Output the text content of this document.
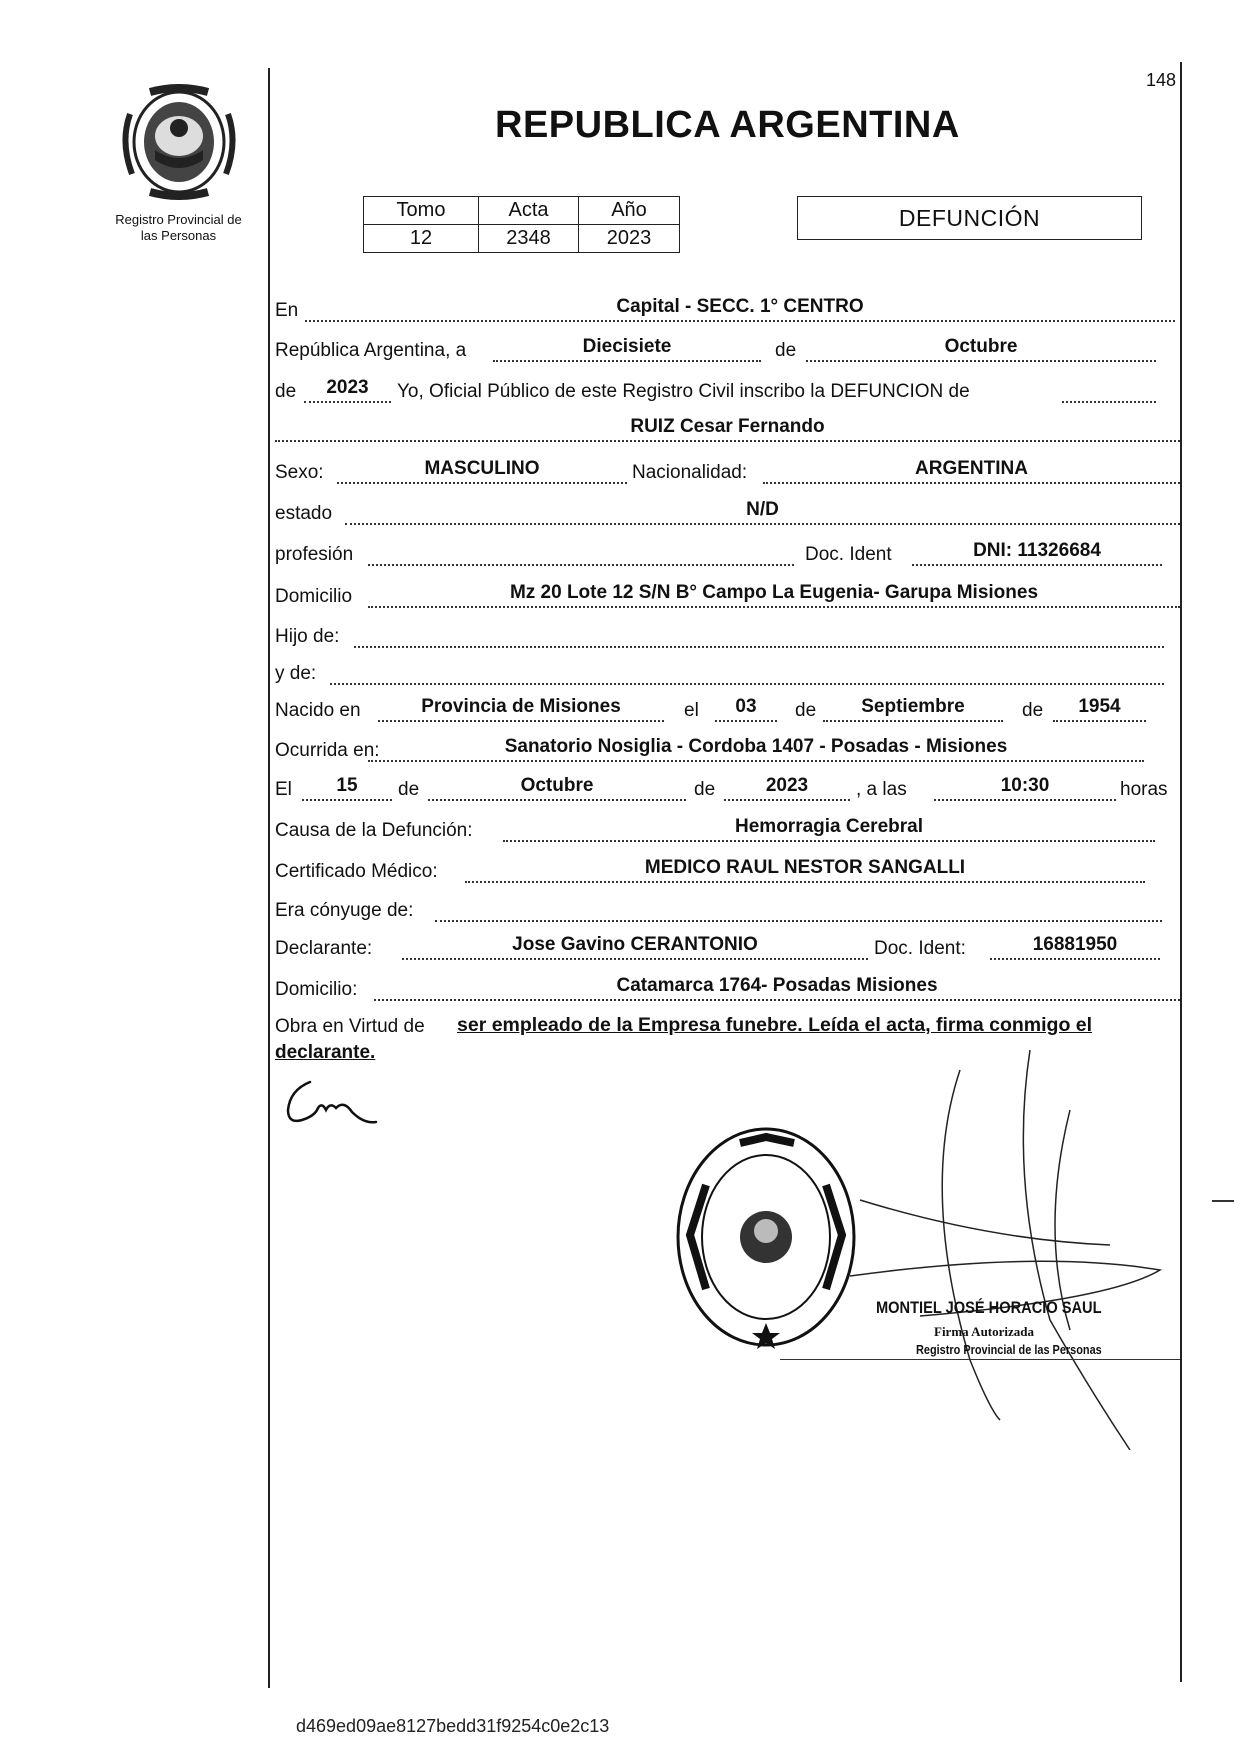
148
Registro Provincial de
las Personas
REPUBLICA ARGENTINA
Tomo	Acta	Año
12	2348	2023
DEFUNCIÓN
En	Capital - SECC. 1° CENTRO
República Argentina, a	Diecisiete	de	Octubre
de	2023	Yo, Oficial Público de este Registro Civil inscribo la DEFUNCION de
RUIZ Cesar Fernando
Sexo:	MASCULINO	Nacionalidad:	ARGENTINA
estado	N/D
profesión	Doc. Ident	DNI: 11326684
Domicilio	Mz 20 Lote 12 S/N B° Campo La Eugenia- Garupa Misiones
Hijo de:
y de:
Nacido en	Provincia de Misiones	el	03	de	Septiembre	de	1954
Ocurrida en:	Sanatorio Nosiglia - Cordoba 1407 - Posadas - Misiones
El	15	de	Octubre	de	2023	, a las	10:30	horas
Causa de la Defunción:	Hemorragia Cerebral
Certificado Médico:	MEDICO RAUL NESTOR SANGALLI
Era cónyuge de:
Declarante:	Jose Gavino CERANTONIO	Doc. Ident:	16881950
Domicilio:	Catamarca 1764- Posadas Misiones
Obra en Virtud de ser empleado de la Empresa funebre. Leída el acta, firma conmigo el
declarante.
MONTIEL JOSÉ HORACIO SAUL
Firma Autorizada
Registro Provincial de las Personas
d469ed09ae8127bedd31f9254c0e2c13
